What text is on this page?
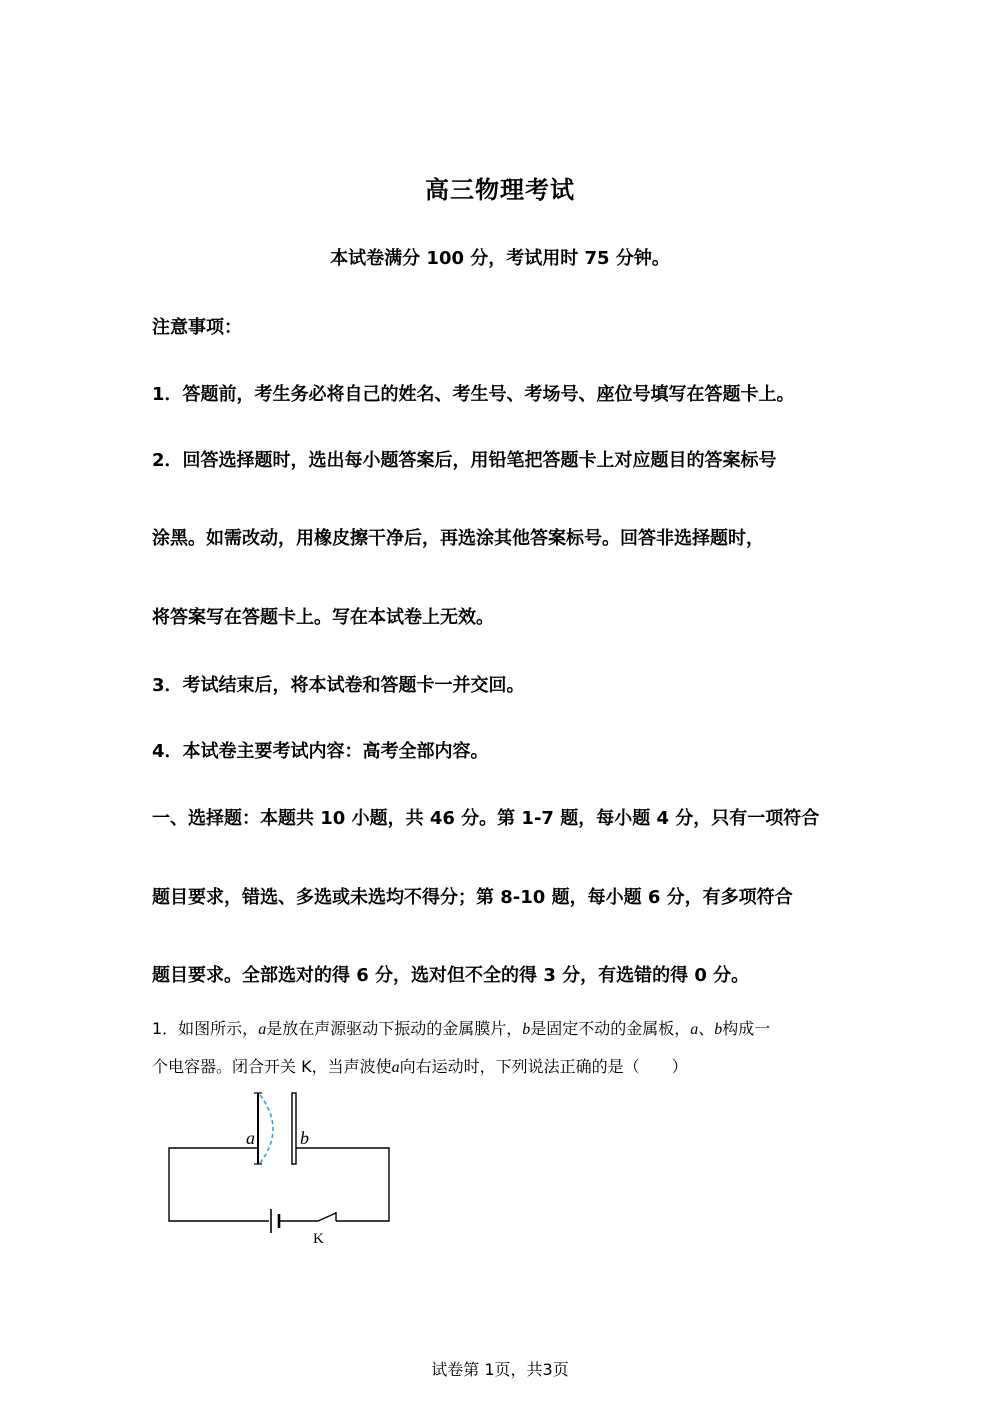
高三物理考试
本试卷满分 100 分，考试用时 75 分钟。
注意事项：
1．答题前，考生务必将自己的姓名、考生号、考场号、座位号填写在答题卡上。
2．回答选择题时，选出每小题答案后，用铅笔把答题卡上对应题目的答案标号
涂黑。如需改动，用橡皮擦干净后，再选涂其他答案标号。回答非选择题时，
将答案写在答题卡上。写在本试卷上无效。
3．考试结束后，将本试卷和答题卡一并交回。
4．本试卷主要考试内容：高考全部内容。
一、选择题：本题共 10 小题，共 46 分。第 1-7 题，每小题 4 分，只有一项符合
题目要求，错选、多选或未选均不得分；第 8-10 题，每小题 6 分，有多项符合
题目要求。全部选对的得 6 分，选对但不全的得 3 分，有选错的得 0 分。
1．如图所示，a是放在声源驱动下振动的金属膜片，b是固定不动的金属板，a、b构成一
个电容器。闭合开关 K，当声波使a向右运动时，下列说法正确的是（　　）
a	b
K
试卷第 1页，共3页
